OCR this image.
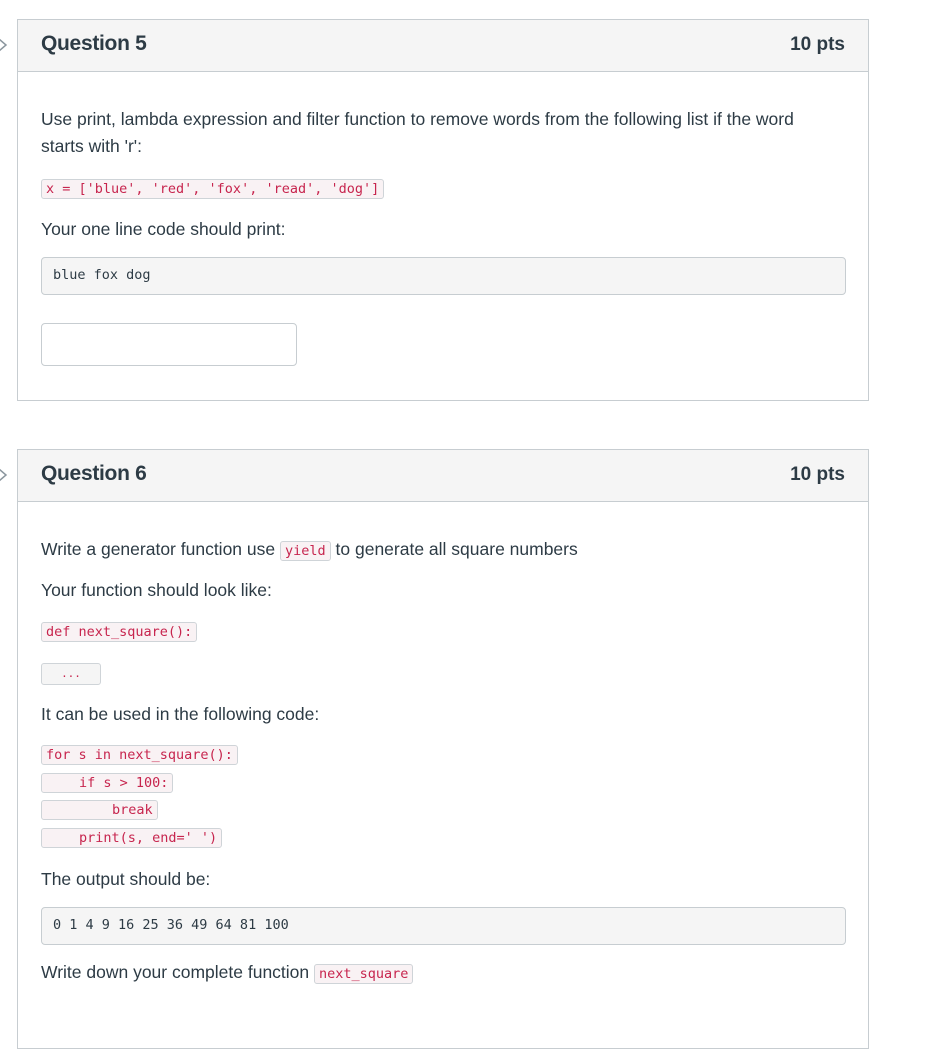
Question 5	10 pts
Use print, lambda expression and filter function to remove words from the following list if the word
starts with 'r':
x = ['blue', 'red', 'fox', 'read', 'dog']
Your one line code should print:
blue fox dog
Question 6	10 pts
Write a generator function use yield to generate all square numbers
Your function should look like:
def next_square():
...
It can be used in the following code:
for s in next_square():
if s > 100:
break
print(s, end=' ')
The output should be:
0 1 4 9 16 25 36 49 64 81 100
Write down your complete function next_square
